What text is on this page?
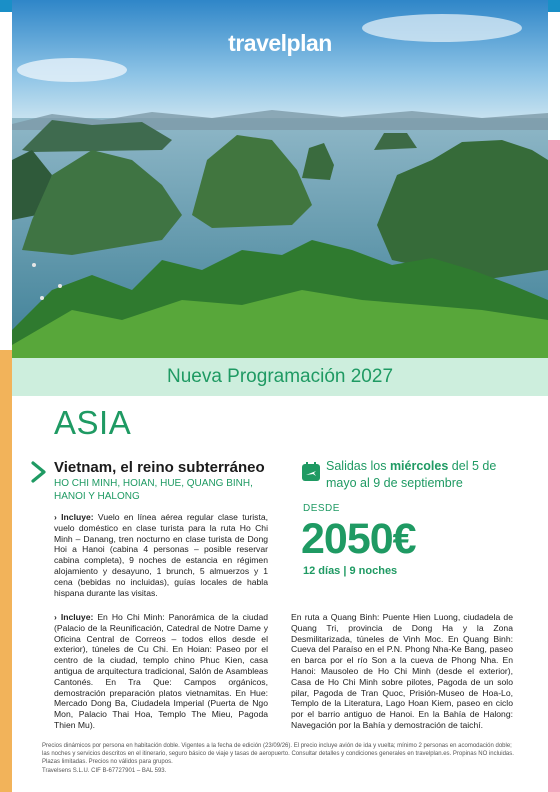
travelplan
Nueva Programación 2027
ASIA
Vietnam, el reino subterráneo
HO CHI MINH, HOIAN, HUE, QUANG BINH, HANOI Y HALONG
Salidas los miércoles del 5 de mayo al 9 de septiembre
DESDE
2050€
12 días | 9 noches
› Incluye: Vuelo en línea aérea regular clase turista, vuelo doméstico en clase turista para la ruta Ho Chi Minh – Danang, tren nocturno en clase turista de Dong Hoi a Hanoi (cabina 4 personas – posible reservar cabina completa), 9 noches de estancia en régimen alojamiento y desayuno, 1 brunch, 5 almuerzos y 1 cena (bebidas no incluidas), guías locales de habla hispana durante las visitas.
› Incluye: En Ho Chi Minh: Panorámica de la ciudad (Palacio de la Reunificación, Catedral de Notre Dame y Oficina Central de Correos – todos ellos desde el exterior), túneles de Cu Chi. En Hoian: Paseo por el centro de la ciudad, templo chino Phuc Kien, casa antigua de arquitectura tradicional, Salón de Asambleas Cantonés. En Tra Que: Campos orgánicos, demostración preparación platos vietnamitas. En Hue: Mercado Dong Ba, Ciudadela Imperial (Puerta de Ngo Mon, Palacio Thai Hoa, Templo The Mieu, Pagoda Thien Mu).
En ruta a Quang Binh: Puente Hien Luong, ciudadela de Quang Tri, provincia de Dong Ha y la Zona Desmilitarizada, túneles de Vinh Moc. En Quang Binh: Cueva del Paraíso en el P.N. Phong Nha-Ke Bang, paseo en barca por el río Son a la cueva de Phong Nha. En Hanoi: Mausoleo de Ho Chi Minh (desde el exterior), Casa de Ho Chi Minh sobre pilotes, Pagoda de un solo pilar, Pagoda de Tran Quoc, Prisión-Museo de Hoa-Lo, Templo de la Literatura, Lago Hoan Kiem, paseo en ciclo por el barrio antiguo de Hanoi. En la Bahía de Halong: Navegación por la Bahía y demostración de taichí.
Precios dinámicos por persona en habitación doble. Vigentes a la fecha de edición (23/09/26). El precio incluye avión de ida y vuelta; mínimo 2 personas en acomodación doble; las noches y servicios descritos en el itinerario, seguro básico de viaje y tasas de aeropuerto. Consultar detalles y condiciones generales en travelplan.es. Propinas NO incluidas. Plazas limitadas. Precios no válidos para grupos.
Travelsens S.L.U. CIF B-67727901 – BAL 593.
